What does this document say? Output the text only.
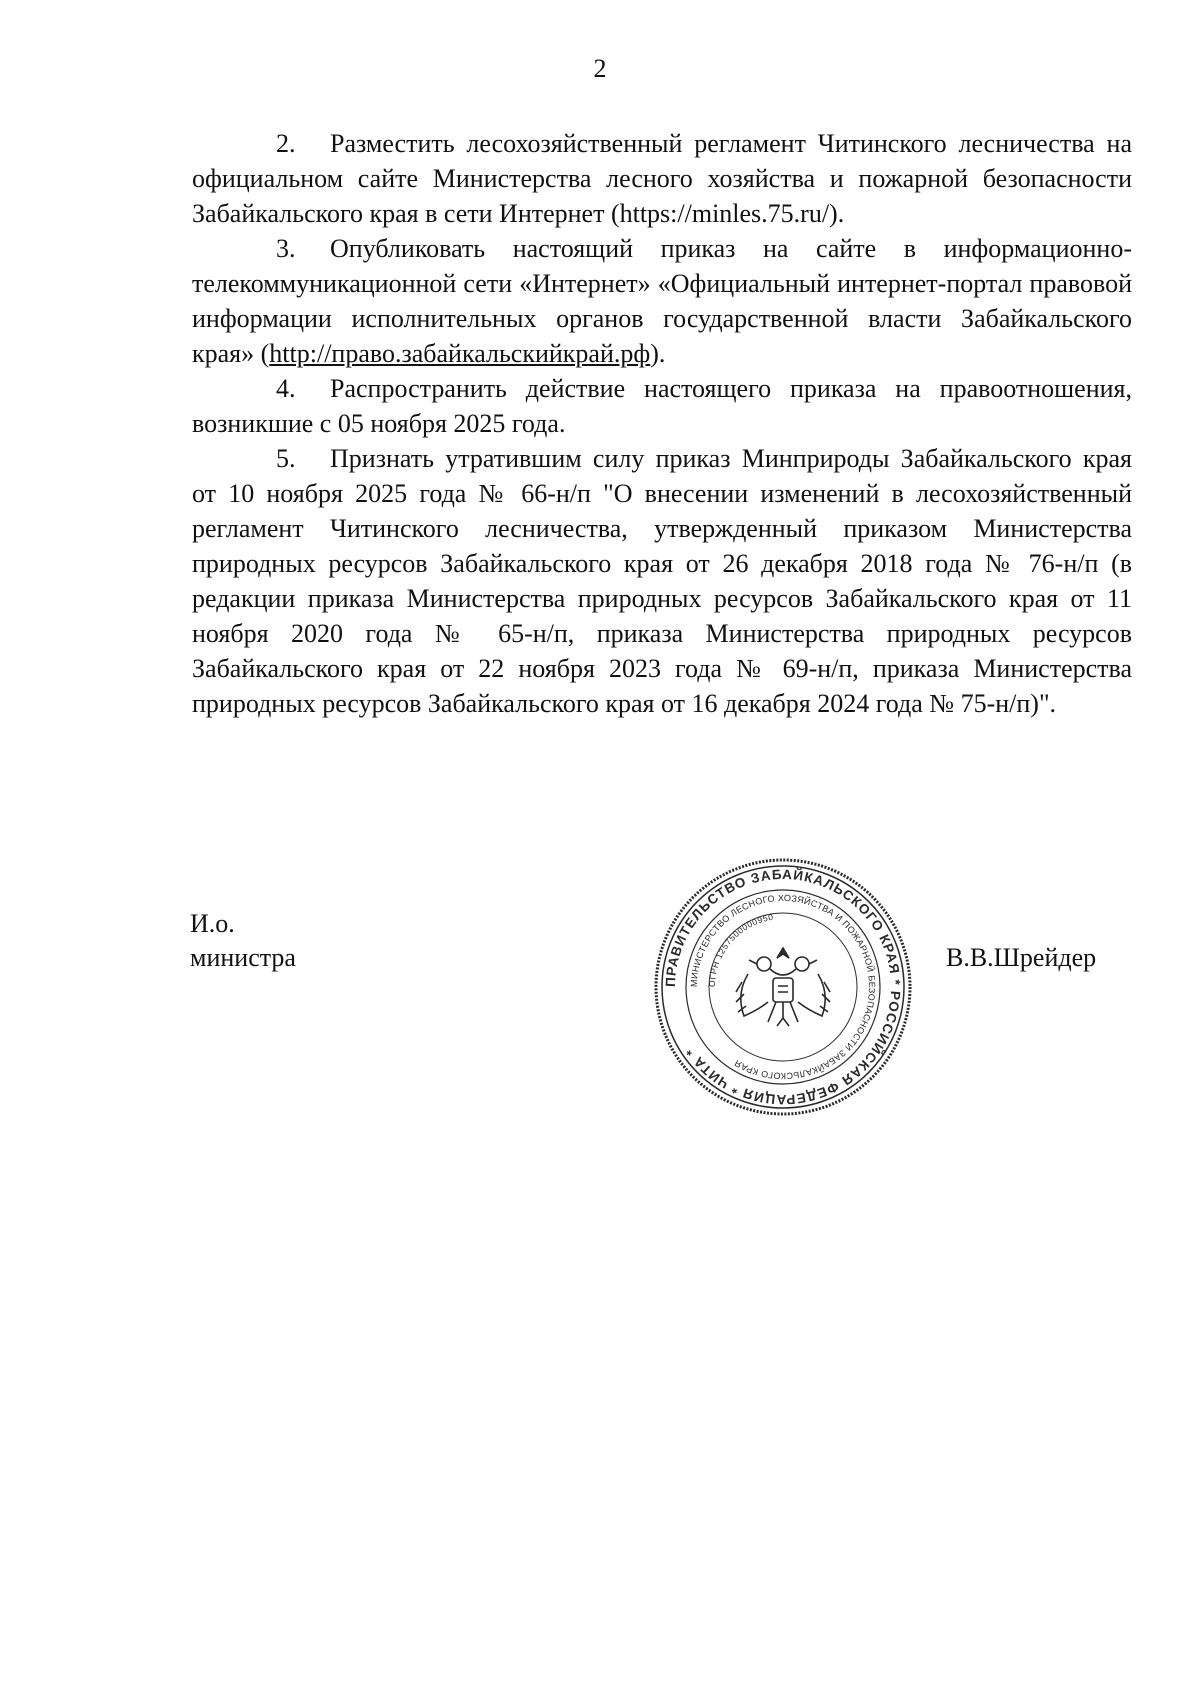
2

2. Разместить лесохозяйственный регламент Читинского лесничества на официальном сайте Министерства лесного хозяйства и пожарной безопасности Забайкальского края в сети Интернет (https://minles.75.ru/).

3. Опубликовать настоящий приказ на сайте в информационно-телекоммуникационной сети «Интернет» «Официальный интернет-портал правовой информации исполнительных органов государственной власти Забайкальского края» (http://право.забайкальскийкрай.рф).

4. Распространить действие настоящего приказа на правоотношения, возникшие с 05 ноября 2025 года.

5. Признать утратившим силу приказ Минприроды Забайкальского края от 10 ноября 2025 года № 66-н/п "О внесении изменений в лесохозяйственный регламент Читинского лесничества, утвержденный приказом Министерства природных ресурсов Забайкальского края от 26 декабря 2018 года № 76-н/п (в редакции приказа Министерства природных ресурсов Забайкальского края от 11 ноября 2020 года № 65-н/п, приказа Министерства природных ресурсов Забайкальского края от 22 ноября 2023 года № 69-н/п, приказа Министерства природных ресурсов Забайкальского края от 16 декабря 2024 года № 75-н/п)".

И.о.
министра
ПРАВИТЕЛЬСТВО ЗАБАЙКАЛЬСКОГО КРАЯ * РОССИЙСКАЯ ФЕДЕРАЦИЯ * ЧИТА *
МИНИСТЕРСТВО ЛЕСНОГО ХОЗЯЙСТВА И ПОЖАРНОЙ БЕЗОПАСНОСТИ ЗАБАЙКАЛЬСКОГО КРАЯ
ОГРН 1257500000950
В.В.Шрейдер
